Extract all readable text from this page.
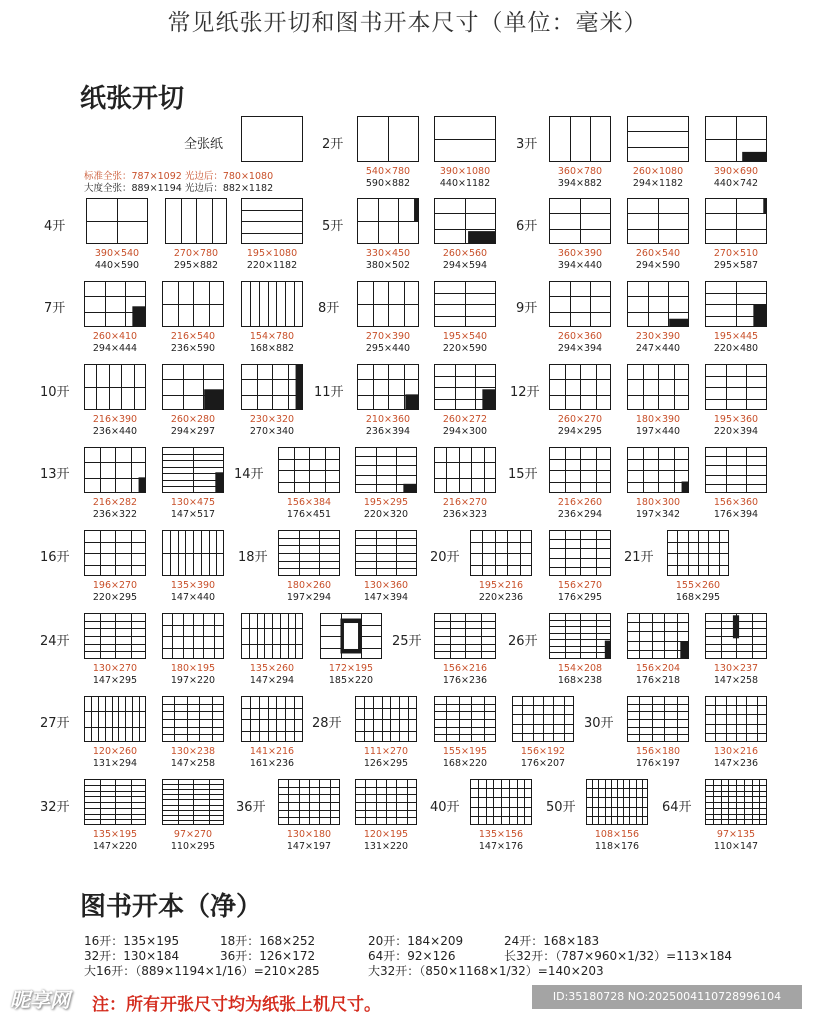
常见纸张开切和图书开本尺寸（单位：毫米）
纸张开切
全张纸
标准全张：787×1092 光边后：780×1080
大度全张：889×1194 光边后：882×1182
2开	3开
4开	5开	6开
7开	8开	9开
10开	11开	12开
13开	14开	15开
16开	18开	20开	21开
24开	25开	26开
27开	28开	30开
32开	36开	40开	50开	64开
540×780
590×882
390×1080
440×1182
360×780
394×882
260×1080
294×1182
390×690
440×742
390×540
440×590
270×780
295×882
195×1080
220×1182
330×450
380×502
260×560
294×594
360×390
394×440
260×540
294×590
270×510
295×587
260×410
294×444
216×540
236×590
154×780
168×882
270×390
295×440
195×540
220×590
260×360
294×394
230×390
247×440
195×445
220×480
216×390
236×440
260×280
294×297
230×320
270×340
210×360
236×394
260×272
294×300
260×270
294×295
180×390
197×440
195×360
220×394
216×282
236×322
130×475
147×517
156×384
176×451
195×295
220×320
216×270
236×323
216×260
236×294
180×300
197×342
156×360
176×394
196×270
220×295
135×390
147×440
180×260
197×294
130×360
147×394
195×216
220×236
156×270
176×295
155×260
168×295
130×270
147×295
180×195
197×220
135×260
147×294
172×195
185×220
156×216
176×236
154×208
168×238
156×204
176×218
130×237
147×258
120×260
131×294
130×238
147×258
141×216
161×236
111×270
126×295
155×195
168×220
156×192
176×207
156×180
176×197
130×216
147×236
135×195
147×220
97×270
110×295
130×180
147×197
120×195
131×220
135×156
147×176
108×156
118×176
97×135
110×147
图书开本（净）
16开：135×195	18开：168×252	20开：184×209	24开：168×183
32开：130×184	36开：126×172	64开：92×126	长32开：（787×960×1/32）=113×184
大16开：（889×1194×1/16）=210×285	大32开：（850×1168×1/32）=140×203
注：所有开张尺寸均为纸张上机尺寸。
昵享网	ID:35180728 NO:20250041107289961​04
